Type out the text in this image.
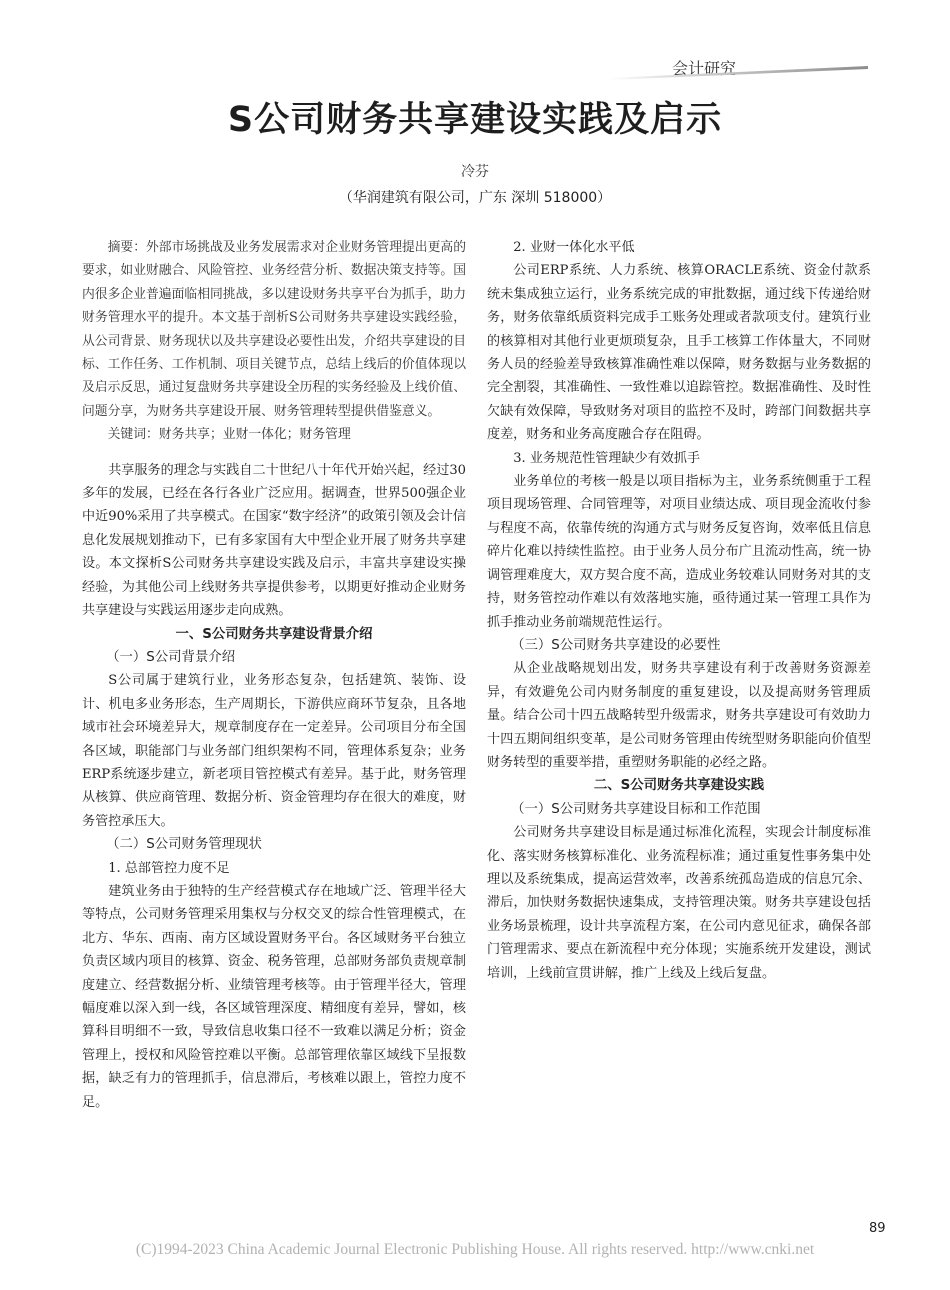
会计研究
S公司财务共享建设实践及启示
冷芬
（华润建筑有限公司，广东 深圳 518000）

摘要：外部市场挑战及业务发展需求对企业财务管理提出更高的要求，如业财融合、风险管控、业务经营分析、数据决策支持等。国内很多企业普遍面临相同挑战，多以建设财务共享平台为抓手，助力财务管理水平的提升。本文基于剖析S公司财务共享建设实践经验，从公司背景、财务现状以及共享建设必要性出发，介绍共享建设的目标、工作任务、工作机制、项目关键节点，总结上线后的价值体现以及启示反思，通过复盘财务共享建设全历程的实务经验及上线价值、问题分享，为财务共享建设开展、财务管理转型提供借鉴意义。

关键词：财务共享；业财一体化；财务管理

共享服务的理念与实践自二十世纪八十年代开始兴起，经过30多年的发展，已经在各行各业广泛应用。据调查，世界500强企业中近90%采用了共享模式。在国家“数字经济”的政策引领及会计信息化发展规划推动下，已有多家国有大中型企业开展了财务共享建设。本文探析S公司财务共享建设实践及启示，丰富共享建设实操经验，为其他公司上线财务共享提供参考，以期更好推动企业财务共享建设与实践运用逐步走向成熟。

一、S公司财务共享建设背景介绍
（一）S公司背景介绍

S公司属于建筑行业，业务形态复杂，包括建筑、装饰、设计、机电多业务形态，生产周期长，下游供应商环节复杂，且各地域市社会环境差异大，规章制度存在一定差异。公司项目分布全国各区域，职能部门与业务部门组织架构不同，管理体系复杂；业务ERP系统逐步建立，新老项目管控模式有差异。基于此，财务管理从核算、供应商管理、数据分析、资金管理均存在很大的难度，财务管控承压大。

（二）S公司财务管理现状
1. 总部管控力度不足

建筑业务由于独特的生产经营模式存在地域广泛、管理半径大等特点，公司财务管理采用集权与分权交叉的综合性管理模式，在北方、华东、西南、南方区域设置财务平台。各区域财务平台独立负责区域内项目的核算、资金、税务管理，总部财务部负责规章制度建立、经营数据分析、业绩管理考核等。由于管理半径大，管理幅度难以深入到一线，各区域管理深度、精细度有差异，譬如，核算科目明细不一致，导致信息收集口径不一致难以满足分析；资金管理上，授权和风险管控难以平衡。总部管理依靠区域线下呈报数据，缺乏有力的管理抓手，信息滞后，考核难以跟上，管控力度不足。

2. 业财一体化水平低

公司ERP系统、人力系统、核算ORACLE系统、资金付款系统未集成独立运行，业务系统完成的审批数据，通过线下传递给财务，财务依靠纸质资料完成手工账务处理或者款项支付。建筑行业的核算相对其他行业更烦琐复杂，且手工核算工作体量大，不同财务人员的经验差导致核算准确性难以保障，财务数据与业务数据的完全割裂，其准确性、一致性难以追踪管控。数据准确性、及时性欠缺有效保障，导致财务对项目的监控不及时，跨部门间数据共享度差，财务和业务高度融合存在阻碍。

3. 业务规范性管理缺少有效抓手

业务单位的考核一般是以项目指标为主，业务系统侧重于工程项目现场管理、合同管理等，对项目业绩达成、项目现金流收付参与程度不高，依靠传统的沟通方式与财务反复咨询，效率低且信息碎片化难以持续性监控。由于业务人员分布广且流动性高，统一协调管理难度大，双方契合度不高，造成业务较难认同财务对其的支持，财务管控动作难以有效落地实施，亟待通过某一管理工具作为抓手推动业务前端规范性运行。

（三）S公司财务共享建设的必要性

从企业战略规划出发，财务共享建设有利于改善财务资源差异，有效避免公司内财务制度的重复建设，以及提高财务管理质量。结合公司十四五战略转型升级需求，财务共享建设可有效助力十四五期间组织变革，是公司财务管理由传统型财务职能向价值型财务转型的重要举措，重塑财务职能的必经之路。

二、S公司财务共享建设实践
（一）S公司财务共享建设目标和工作范围

公司财务共享建设目标是通过标准化流程，实现会计制度标准化、落实财务核算标准化、业务流程标准；通过重复性事务集中处理以及系统集成，提高运营效率，改善系统孤岛造成的信息冗余、滞后，加快财务数据快速集成，支持管理决策。财务共享建设包括业务场景梳理，设计共享流程方案，在公司内意见征求，确保各部门管理需求、要点在新流程中充分体现；实施系统开发建设，测试培训，上线前宣贯讲解，推广上线及上线后复盘。

89
(C)1994-2023 China Academic Journal Electronic Publishing House. All rights reserved. http://www.cnki.net
